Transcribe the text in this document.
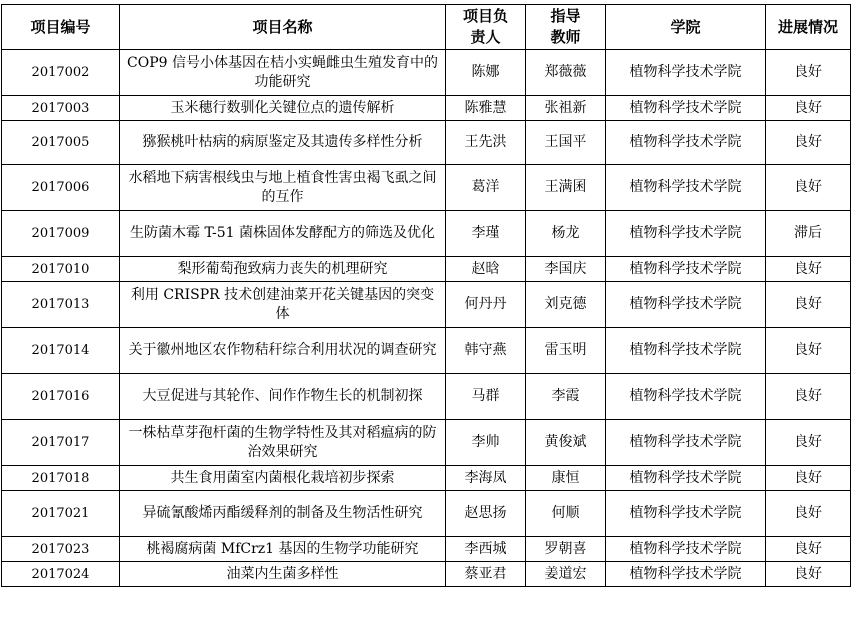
项目编号	项目名称	项目负责人	指导教师	学院	进展情况
2017002	COP9 信号小体基因在桔小实蝇雌虫生殖发育中的功能研究	陈娜	郑薇薇	植物科学技术学院	良好
2017003	玉米穗行数驯化关键位点的遗传解析	陈雅慧	张祖新	植物科学技术学院	良好
2017005	猕猴桃叶枯病的病原鉴定及其遗传多样性分析	王先洪	王国平	植物科学技术学院	良好
2017006	水稻地下病害根线虫与地上植食性害虫褐飞虱之间的互作	葛洋	王满囷	植物科学技术学院	良好
2017009	生防菌木霉 T-51 菌株固体发酵配方的筛选及优化	李瑾	杨龙	植物科学技术学院	滞后
2017010	梨形葡萄孢致病力丧失的机理研究	赵晗	李国庆	植物科学技术学院	良好
2017013	利用 CRISPR 技术创建油菜开花关键基因的突变体	何丹丹	刘克德	植物科学技术学院	良好
2017014	关于徽州地区农作物秸秆综合利用状况的调查研究	韩守燕	雷玉明	植物科学技术学院	良好
2017016	大豆促进与其轮作、间作作物生长的机制初探	马群	李霞	植物科学技术学院	良好
2017017	一株枯草芽孢杆菌的生物学特性及其对稻瘟病的防治效果研究	李帅	黄俊斌	植物科学技术学院	良好
2017018	共生食用菌室内菌根化栽培初步探索	李海凤	康恒	植物科学技术学院	良好
2017021	异硫氰酸烯丙酯缓释剂的制备及生物活性研究	赵思扬	何顺	植物科学技术学院	良好
2017023	桃褐腐病菌 MfCrz1 基因的生物学功能研究	李西城	罗朝喜	植物科学技术学院	良好
2017024	油菜内生菌多样性	蔡亚君	姜道宏	植物科学技术学院	良好
